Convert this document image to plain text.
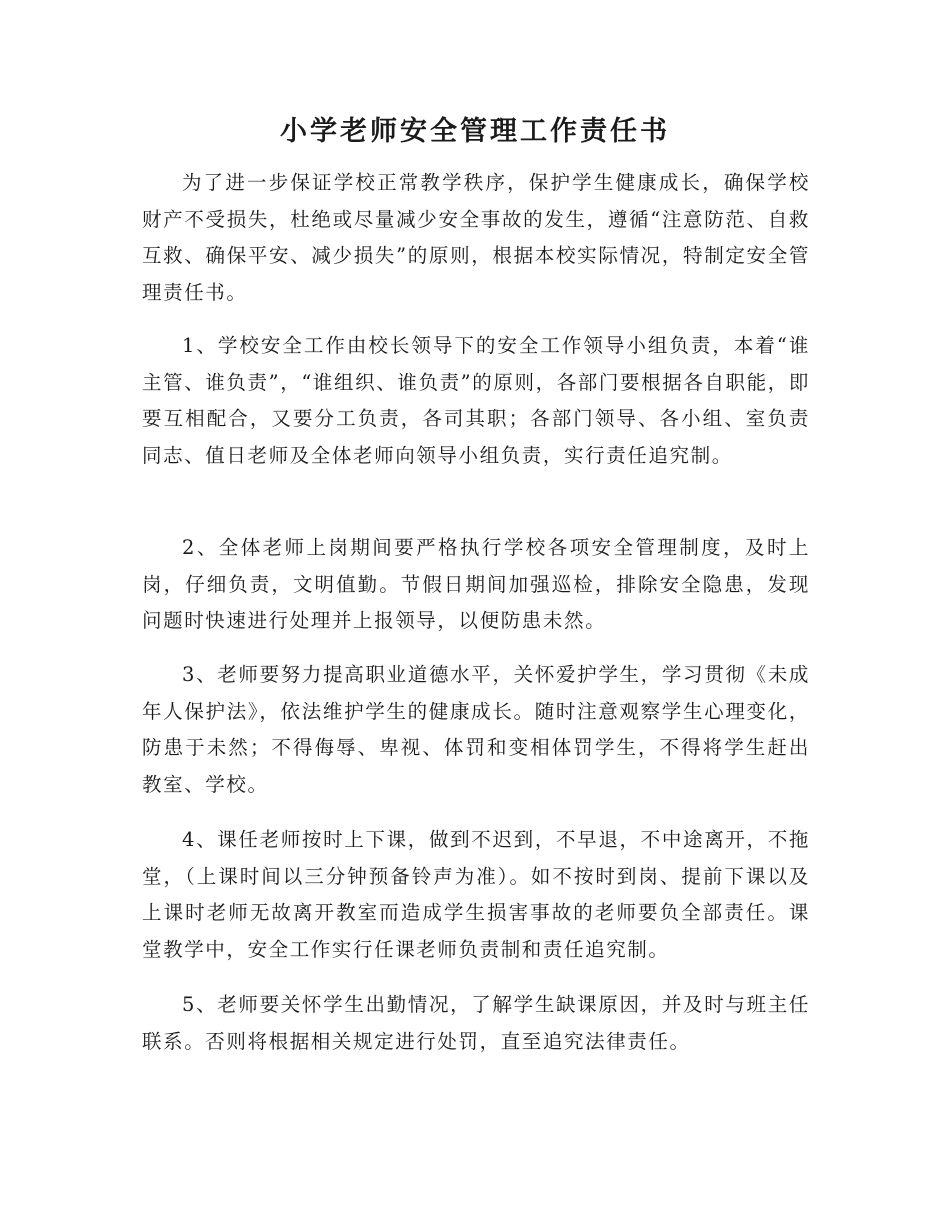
小学老师安全管理工作责任书

为了进一步保证学校正常教学秩序，保护学生健康成长，确保学校财产不受损失，杜绝或尽量减少安全事故的发生，遵循“注意防范、自救互救、确保平安、减少损失”的原则，根据本校实际情况，特制定安全管理责任书。

1、学校安全工作由校长领导下的安全工作领导小组负责，本着“谁主管、谁负责”，“谁组织、谁负责”的原则，各部门要根据各自职能，即要互相配合，又要分工负责，各司其职；各部门领导、各小组、室负责同志、值日老师及全体老师向领导小组负责，实行责任追究制。

2、全体老师上岗期间要严格执行学校各项安全管理制度，及时上岗，仔细负责，文明值勤。节假日期间加强巡检，排除安全隐患，发现问题时快速进行处理并上报领导，以便防患未然。

3、老师要努力提高职业道德水平，关怀爱护学生，学习贯彻《未成年人保护法》，依法维护学生的健康成长。随时注意观察学生心理变化，防患于未然；不得侮辱、卑视、体罚和变相体罚学生，不得将学生赶出教室、学校。

4、课任老师按时上下课，做到不迟到，不早退，不中途离开，不拖堂，（上课时间以三分钟预备铃声为准）。如不按时到岗、提前下课以及上课时老师无故离开教室而造成学生损害事故的老师要负全部责任。课堂教学中，安全工作实行任课老师负责制和责任追究制。

5、老师要关怀学生出勤情况，了解学生缺课原因，并及时与班主任联系。否则将根据相关规定进行处罚，直至追究法律责任。
